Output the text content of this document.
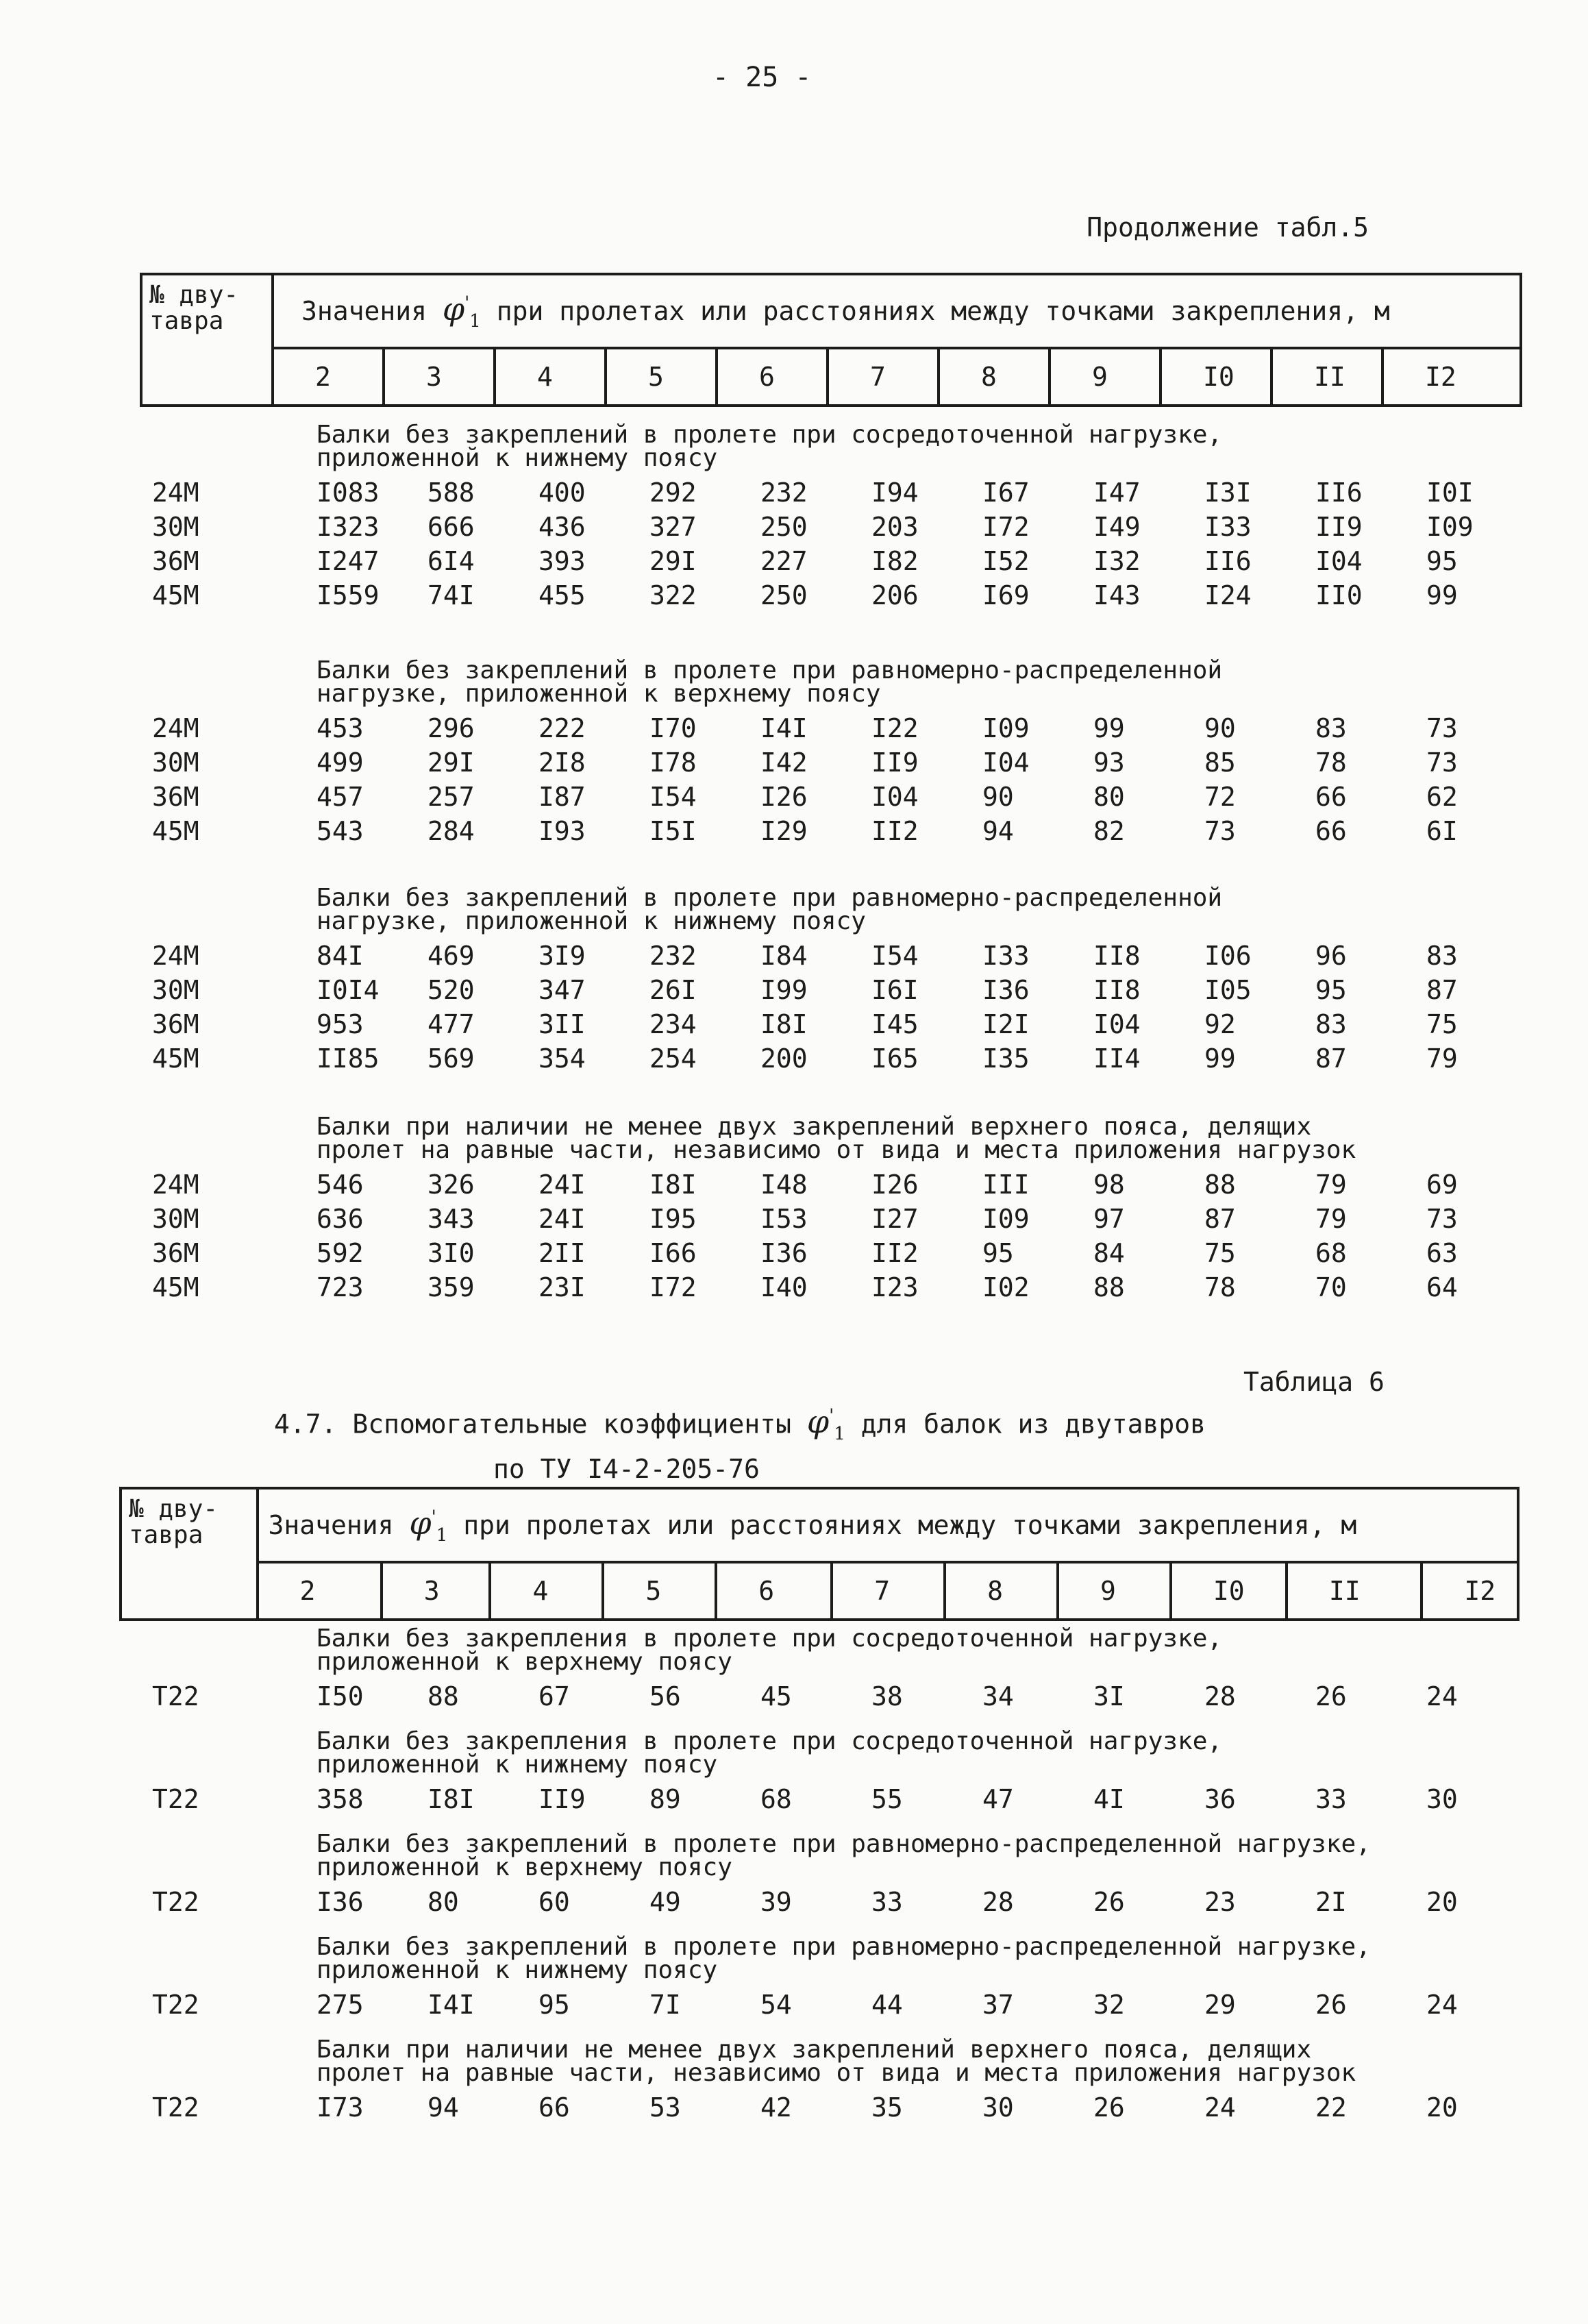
- 25 -
Продолжение табл.5
№ дву- тавра	Значения $\varphi'_1$ при пролетах или расстояниях между точками закрепления, м										
	2	3	4	5	6	7	8	9	I0	II	I2
Балки без закреплений в пролете при сосредоточенной нагрузке,
приложенной к нижнему поясу
24M	I083	588	400	292	232	I94	I67	I47	I3I	II6	I0I
30M	I323	666	436	327	250	203	I72	I49	I33	II9	I09
36M	I247	6I4	393	29I	227	I82	I52	I32	II6	I04	95
45M	I559	74I	455	322	250	206	I69	I43	I24	II0	99
Балки без закреплений в пролете при равномерно-распределенной
нагрузке, приложенной к верхнему поясу
24M	453	296	222	I70	I4I	I22	I09	99	90	83	73
30M	499	29I	2I8	I78	I42	II9	I04	93	85	78	73
36M	457	257	I87	I54	I26	I04	90	80	72	66	62
45M	543	284	I93	I5I	I29	II2	94	82	73	66	6I
Балки без закреплений в пролете при равномерно-распределенной
нагрузке, приложенной к нижнему поясу
24M	84I	469	3I9	232	I84	I54	I33	II8	I06	96	83
30M	I0I4	520	347	26I	I99	I6I	I36	II8	I05	95	87
36M	953	477	3II	234	I8I	I45	I2I	I04	92	83	75
45M	II85	569	354	254	200	I65	I35	II4	99	87	79
Балки при наличии не менее двух закреплений верхнего пояса, делящих
пролет на равные части, независимо от вида и места приложения нагрузок
24M	546	326	24I	I8I	I48	I26	III	98	88	79	69
30M	636	343	24I	I95	I53	I27	I09	97	87	79	73
36M	592	3I0	2II	I66	I36	II2	95	84	75	68	63
45M	723	359	23I	I72	I40	I23	I02	88	78	70	64
Таблица 6
4.7. Вспомогательные коэффициенты $\varphi'_1$ для балок из двутавров
по ТУ I4-2-205-76
№ дву- тавра	Значения $\varphi'_1$ при пролетах или расстояниях между точками закрепления, м										
	2	3	4	5	6	7	8	9	I0	II	I2
Балки без закрепления в пролете при сосредоточенной нагрузке,
приложенной к верхнему поясу
T22	I50	88	67	56	45	38	34	3I	28	26	24
Балки без закрепления в пролете при сосредоточенной нагрузке,
приложенной к нижнему поясу
T22	358	I8I	II9	89	68	55	47	4I	36	33	30
Балки без закреплений в пролете при равномерно-распределенной нагрузке,
приложенной к верхнему поясу
T22	I36	80	60	49	39	33	28	26	23	2I	20
Балки без закреплений в пролете при равномерно-распределенной нагрузке,
приложенной к нижнему поясу
T22	275	I4I	95	7I	54	44	37	32	29	26	24
Балки при наличии не менее двух закреплений верхнего пояса, делящих
пролет на равные части, независимо от вида и места приложения нагрузок
T22	I73	94	66	53	42	35	30	26	24	22	20
